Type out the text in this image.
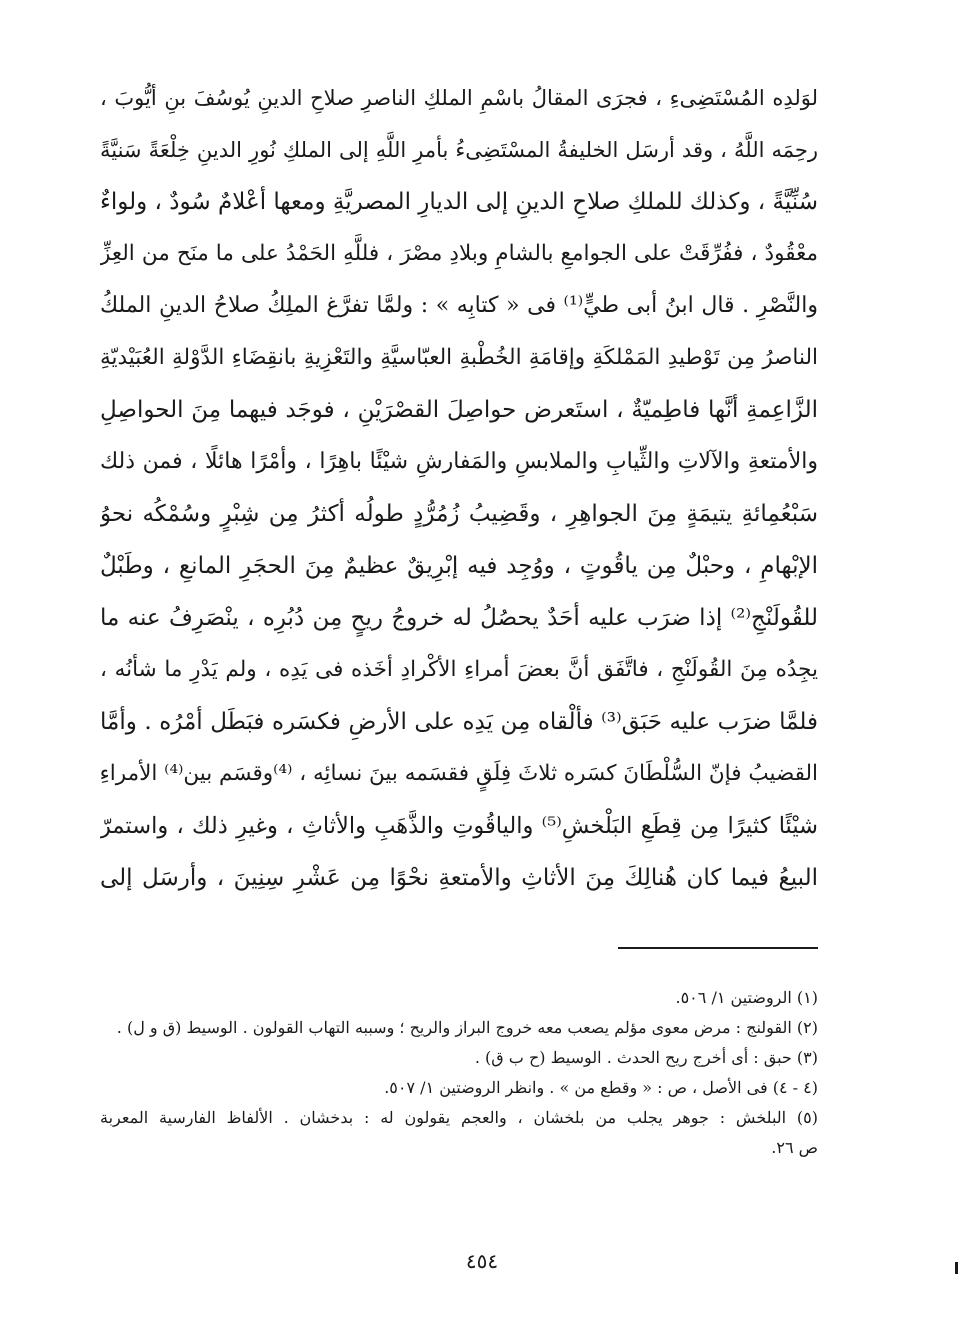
لوَلدِه المُسْتَضِىءِ ، فجرَى المقالُ باسْمِ الملكِ الناصرِ صلاحِ الدينِ يُوسُفَ بنِ أيُّوبَ ،
رحِمَه اللَّهُ ، وقد أرسَل الخليفةُ المسْتَضِىءُ بأمرِ اللَّهِ إلى الملكِ نُورِ الدينِ خِلْعَةً سَنيَّةً
سُنِّيَّةً ، وكذلك للملكِ صلاحِ الدينِ إلى الديارِ المصريَّةِ ومعها أعْلامٌ سُودٌ ، ولواءٌ
معْقُودٌ ، ففُرِّقَتْ على الجوامعِ بالشامِ وبلادِ مصْرَ ، فللَّهِ الحَمْدُ على ما منَح من العِزِّ
والنَّصْرِ . قال ابنُ أبى طيٍّ⁽¹⁾ فى « كتابِه » : ولمَّا تفرَّغ الملِكُ صلاحُ الدينِ الملكُ
الناصرُ مِن تَوْطيدِ المَمْلكَةِ وإقامَةِ الخُطْبةِ العبّاسيَّةِ والتَعْزِيةِ بانقِضَاءِ الدَّوْلةِ العُبَيْديّةِ
الزَّاعِمةِ أنَّها فاطِميّةٌ ، استَعرض حواصِلَ القصْرَيْنِ ، فوجَد فيهما مِنَ الحواصِلِ
والأمتعةِ والآلاتِ والثِّيابِ والملابسِ والمَفارشِ شيْئًا باهِرًا ، وأمْرًا هائلًا ، فمن ذلك
سَبْعُمِائةِ يتيمَةٍ مِنَ الجواهِرِ ، وقَضِيبُ زُمُرُّدٍ طولُه أكثرُ مِن شِبْرٍ وسُمْكُه نحوُ
الإبْهامِ ، وحبْلٌ مِن ياقُوتٍ ، ووُجِد فيه إبْرِيقٌ عظيمٌ مِنَ الحجَرِ المانعِ ، وطَبْلٌ
للقُولَنْجِ⁽²⁾ إذا ضرَب عليه أحَدٌ يحصُلُ له خروجُ ريحٍ مِن دُبُرِه ، ينْصَرِفُ عنه ما
يجِدُه مِنَ القُولَنْجِ ، فاتَّفَق أنَّ بعضَ أمراءِ الأكْرادِ أخَذه فى يَدِه ، ولم يَدْرِ ما شأنُه ،
فلمَّا ضرَب عليه حَبَق⁽³⁾ فألْقاه مِن يَدِه على الأرضِ فكسَره فبَطَل أمْرُه . وأمَّا
القضيبُ فإنّ السُّلْطَانَ كسَره ثلاثَ فِلَقٍ فقسَمه بينَ نسائِه ، ⁽⁴⁾وقسَم بين⁽⁴⁾ الأمراءِ
شيْئًا كثيرًا مِن قِطَعِ البَلْخشِ⁽⁵⁾ والياقُوتِ والذَّهَبِ والأثاثِ ، وغيرِ ذلك ، واستمرّ
البيعُ فيما كان هُنالِكَ مِنَ الأثاثِ والأمتعةِ نحْوًا مِن عَشْرِ سِنِينَ ، وأرسَل إلى
(١) الروضتين ١/ ٥٠٦.
(٢) القولنج : مرض معوى مؤلم يصعب معه خروج البراز والريح ؛ وسببه التهاب القولون . الوسيط (ق و ل) .
(٣) حبق : أى أخرج ريح الحدث . الوسيط (ح ب ق) .
(٤ - ٤) فى الأصل ، ص : « وقطع من » . وانظر الروضتين ١/ ٥٠٧.
(٥) البلخش : جوهر يجلب من بلخشان ، والعجم يقولون له : بدخشان . الألفاظ الفارسية المعربة
ص ٢٦.
٤٥٤
